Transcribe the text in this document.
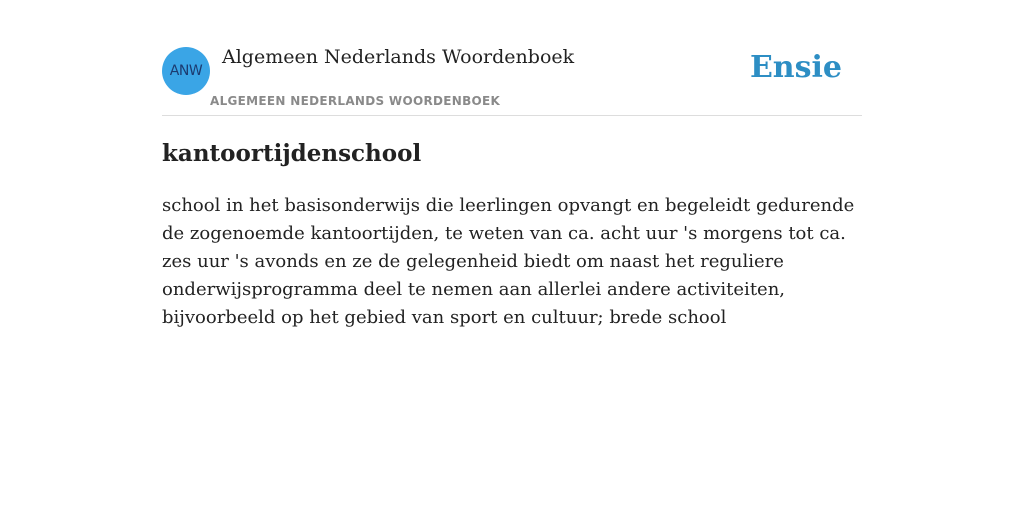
ANW
Algemeen Nederlands Woordenboek
ALGEMEEN NEDERLANDS WOORDENBOEK
Ensie
kantoortijdenschool

school in het basisonderwijs die leerlingen opvangt en begeleidt gedurende de zogenoemde kantoortijden, te weten van ca. acht uur 's morgens tot ca. zes uur 's avonds en ze de gelegenheid biedt om naast het reguliere onderwijsprogramma deel te nemen aan allerlei andere activiteiten, bijvoorbeeld op het gebied van sport en cultuur; brede school
